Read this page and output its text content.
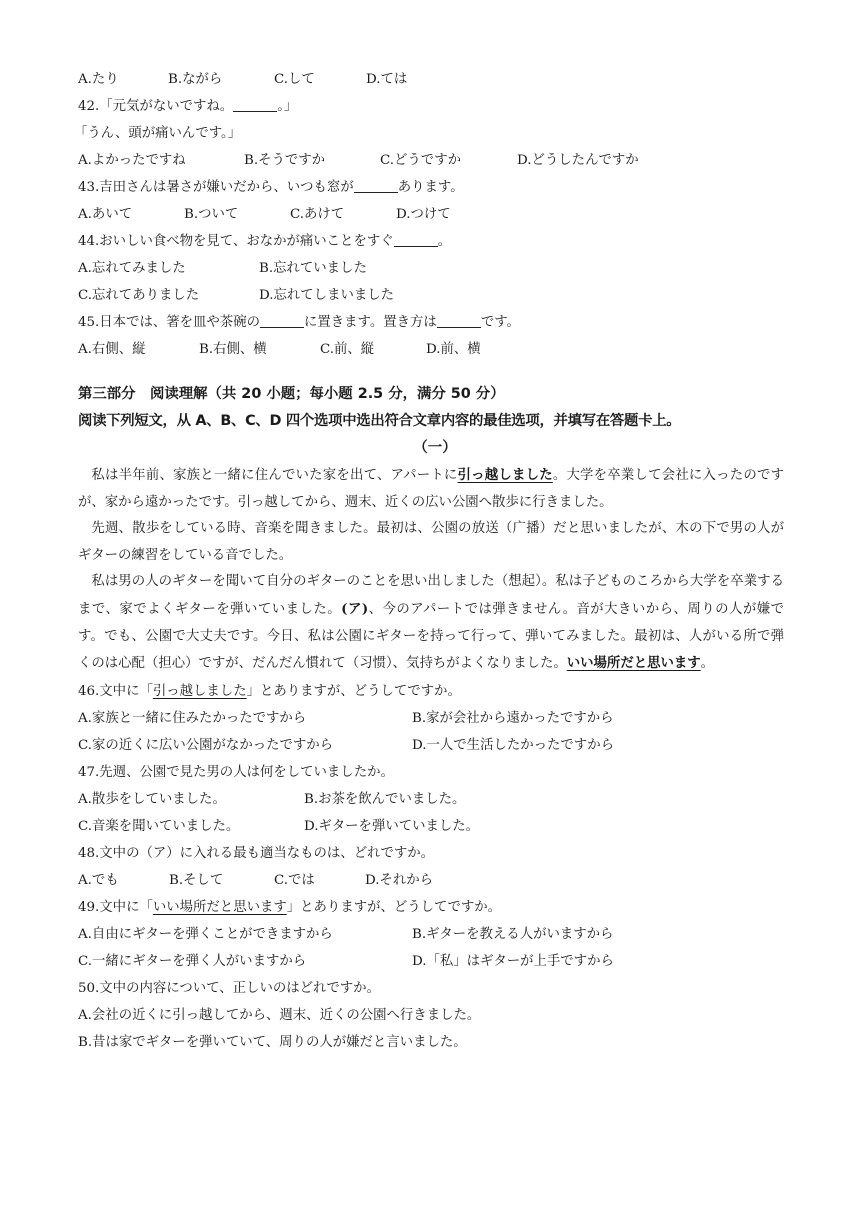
A.たり	B.ながら	C.して	D.ては
42.「元気がないですね。	。」
「うん、頭が痛いんです。」
A.よかったですね	B.そうですか	C.どうですか	D.どうしたんですか
43.吉田さんは暑さが嫌いだから、いつも窓が	あります。
A.あいて	B.ついて	C.あけて	D.つけて
44.おいしい食べ物を見て、おなかが痛いことをすぐ	。
A.忘れてみました	B.忘れていました
C.忘れてありました	D.忘れてしまいました
45.日本では、箸を皿や茶碗の	に置きます。置き方は	です。
A.右側、縦	B.右側、横	C.前、縦	D.前、横
第三部分　阅读理解（共 20 小题；每小题 2.5 分，满分 50 分）
阅读下列短文，从 A、B、C、D 四个选项中选出符合文章内容的最佳选项，并填写在答题卡上。
（一）

私は半年前、家族と一緒に住んでいた家を出て、アパートに引っ越しました。大学を卒業して会社に入ったのですが、家から遠かったです。引っ越してから、週末、近くの広い公園へ散歩に行きました。

先週、散歩をしている時、音楽を聞きました。最初は、公園の放送（广播）だと思いましたが、木の下で男の人がギターの練習をしている音でした。

私は男の人のギターを聞いて自分のギターのことを思い出しました（想起）。私は子どものころから大学を卒業するまで、家でよくギターを弾いていました。(ア)、今のアパートでは弾きません。音が大きいから、周りの人が嫌です。でも、公園で大丈夫です。今日、私は公園にギターを持って行って、弾いてみました。最初は、人がいる所で弾くのは心配（担心）ですが、だんだん慣れて（习惯）、気持ちがよくなりました。いい場所だと思います。

46.文中に「引っ越しました」とありますが、どうしてですか。
A.家族と一緒に住みたかったですから	B.家が会社から遠かったですから
C.家の近くに広い公園がなかったですから	D.一人で生活したかったですから
47.先週、公園で見た男の人は何をしていましたか。
A.散歩をしていました。	B.お茶を飲んでいました。
C.音楽を聞いていました。	D.ギターを弾いていました。
48.文中の（ア）に入れる最も適当なものは、どれですか。
A.でも	B.そして	C.では	D.それから
49.文中に「いい場所だと思います」とありますが、どうしてですか。
A.自由にギターを弾くことができますから	B.ギターを教える人がいますから
C.一緒にギターを弾く人がいますから	D.「私」はギターが上手ですから
50.文中の内容について、正しいのはどれですか。
A.会社の近くに引っ越してから、週末、近くの公園へ行きました。
B.昔は家でギターを弾いていて、周りの人が嫌だと言いました。
